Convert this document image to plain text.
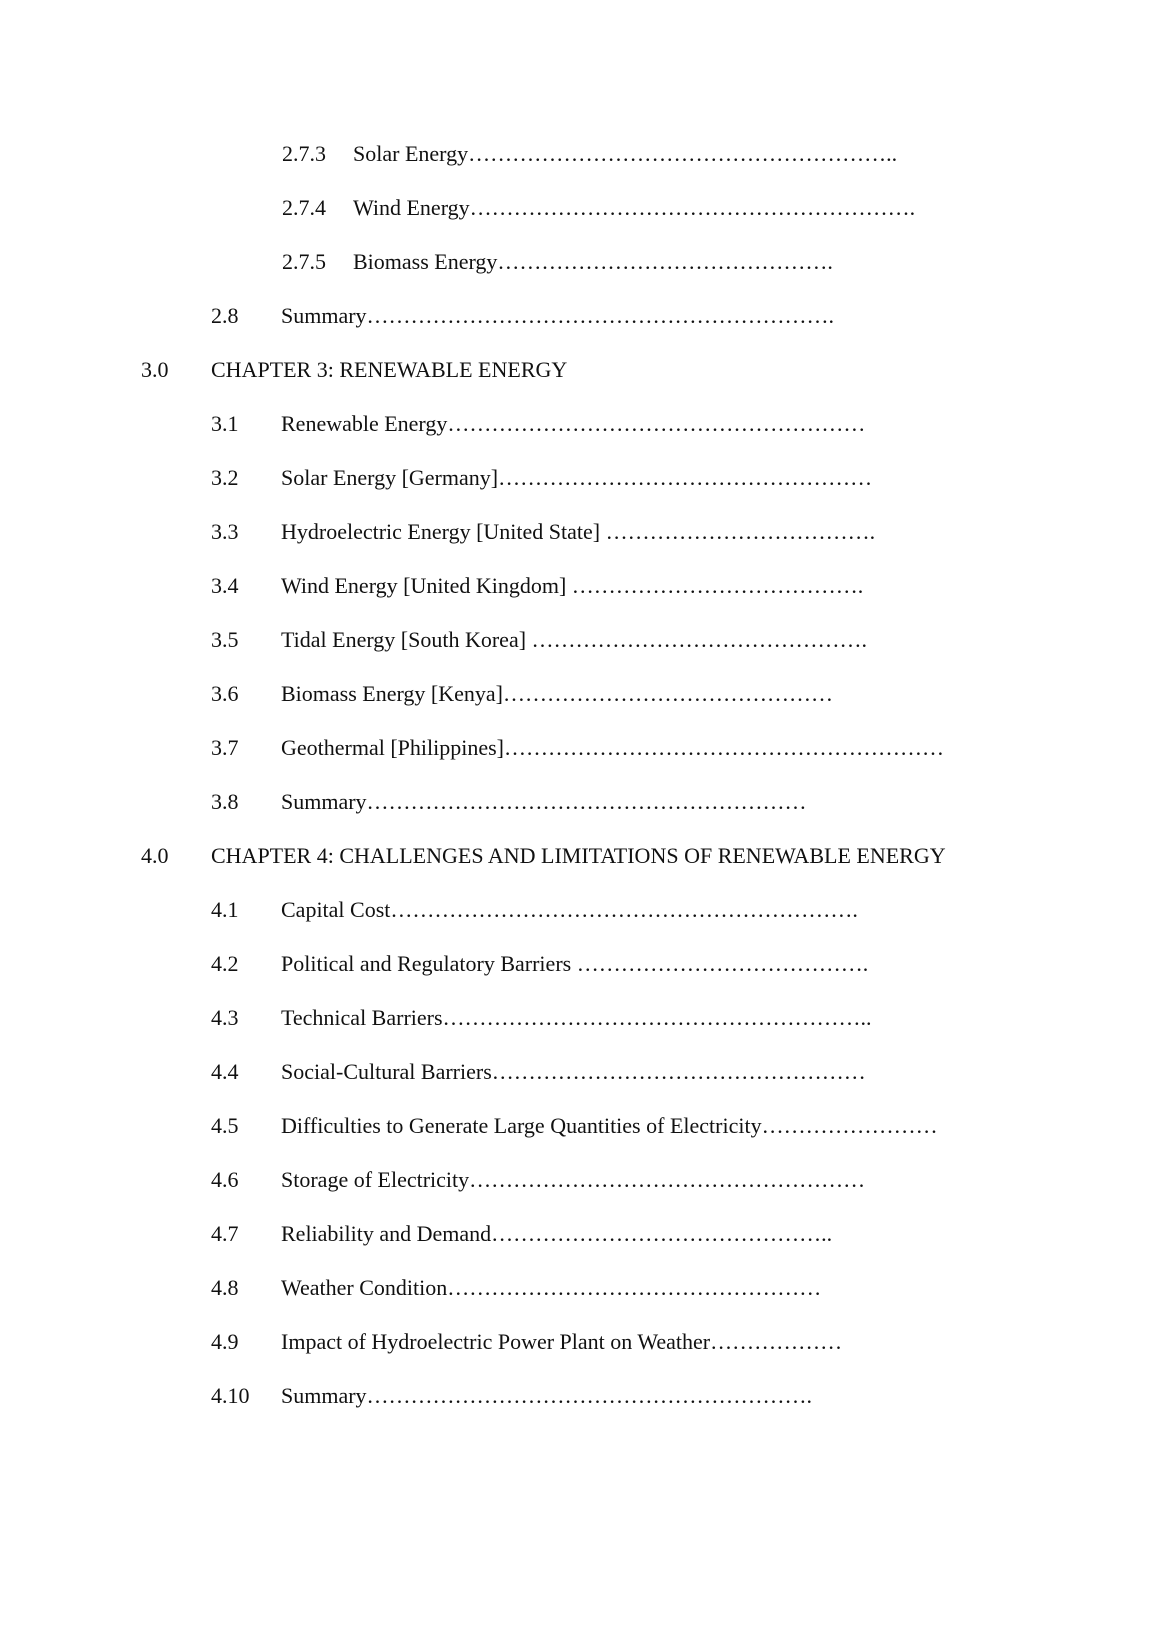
2.7.3 Solar Energy…………………………………………………..
2.7.4 Wind Energy…………………………………………………….
2.7.5 Biomass Energy……………………………………….
2.8 Summary……………………………………………………….
3.0 CHAPTER 3: RENEWABLE ENERGY
3.1 Renewable Energy…………………………………………………
3.2 Solar Energy [Germany]……………………………………………
3.3 Hydroelectric Energy [United State] ……………………………….
3.4 Wind Energy [United Kingdom] ………………………………….
3.5 Tidal Energy [South Korea] ……………………………………….
3.6 Biomass Energy [Kenya]………………………………………
3.7 Geothermal [Philippines]……………………………………………………
3.8 Summary……………………………………………………
4.0 CHAPTER 4: CHALLENGES AND LIMITATIONS OF RENEWABLE ENERGY
4.1 Capital Cost……………………………………………………….
4.2 Political and Regulatory Barriers ………………………………….
4.3 Technical Barriers…………………………………………………..
4.4 Social-Cultural Barriers……………………………………………
4.5 Difficulties to Generate Large Quantities of Electricity……………………
4.6 Storage of Electricity………………………………………………
4.7 Reliability and Demand………………………………………..
4.8 Weather Condition……………………………………………
4.9 Impact of Hydroelectric Power Plant on Weather………………
4.10 Summary…………………………………………………….
